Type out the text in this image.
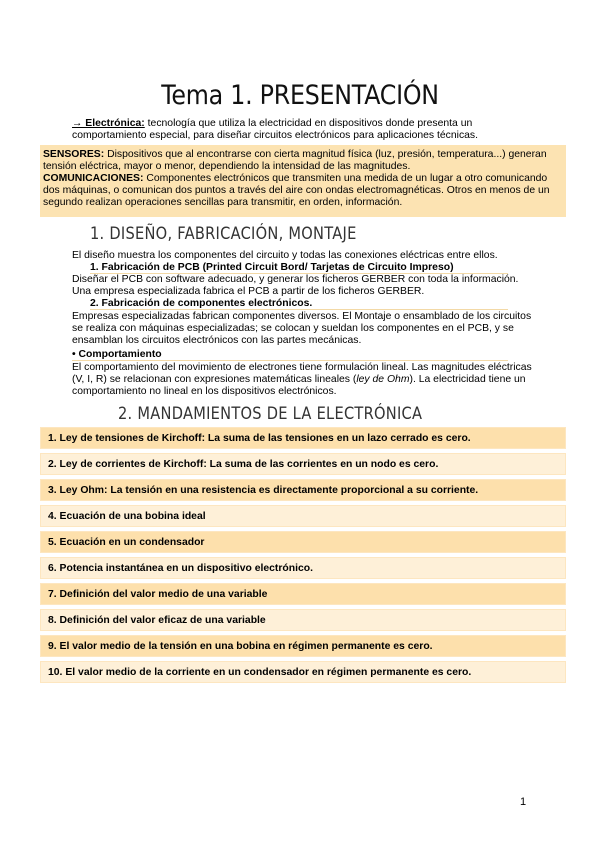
Tema 1. PRESENTACIÓN
→ Electrónica: tecnología que utiliza la electricidad en dispositivos donde presenta un comportamiento especial, para diseñar circuitos electrónicos para aplicaciones técnicas.
SENSORES: Dispositivos que al encontrarse con cierta magnitud física (luz, presión, temperatura...) generan tensión eléctrica, mayor o menor, dependiendo la intensidad de las magnitudes.
COMUNICACIONES: Componentes electrónicos que transmiten una medida de un lugar a otro comunicando dos máquinas, o comunican dos puntos a través del aire con ondas electromagnéticas. Otros en menos de un segundo realizan operaciones sencillas para transmitir, en orden, información.
1. DISEÑO, FABRICACIÓN, MONTAJE
El diseño muestra los componentes del circuito y todas las conexiones eléctricas entre ellos.
1. Fabricación de PCB (Printed Circuit Bord/ Tarjetas de Circuito Impreso)
Diseñar el PCB con software adecuado, y generar los ficheros GERBER con toda la información. Una empresa especializada fabrica el PCB a partir de los ficheros GERBER.
2. Fabricación de componentes electrónicos.
Empresas especializadas fabrican componentes diversos. El Montaje o ensamblado de los circuitos se realiza con máquinas especializadas; se colocan y sueldan los componentes en el PCB, y se ensamblan los circuitos electrónicos con las partes mecánicas.
• Comportamiento
El comportamiento del movimiento de electrones tiene formulación lineal. Las magnitudes eléctricas (V, I, R) se relacionan con expresiones matemáticas lineales (ley de Ohm). La electricidad tiene un comportamiento no lineal en los dispositivos electrónicos.
2. MANDAMIENTOS DE LA ELECTRÓNICA
1. Ley de tensiones de Kirchoff: La suma de las tensiones en un lazo cerrado es cero.
2. Ley de corrientes de Kirchoff: La suma de las corrientes en un nodo es cero.
3. Ley Ohm: La tensión en una resistencia es directamente proporcional a su corriente.
4. Ecuación de una bobina ideal
5. Ecuación en un condensador
6. Potencia instantánea en un dispositivo electrónico.
7. Definición del valor medio de una variable
8. Definición del valor eficaz de una variable
9. El valor medio de la tensión en una bobina en régimen permanente es cero.
10. El valor medio de la corriente en un condensador en régimen permanente es cero.
1
